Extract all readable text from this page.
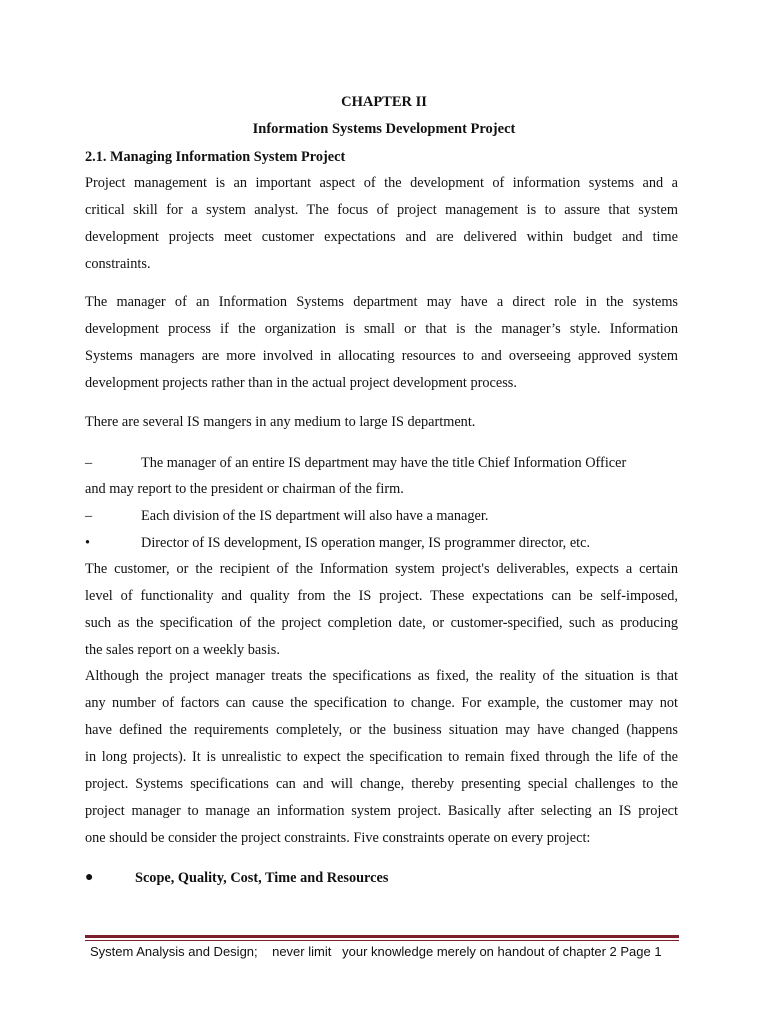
CHAPTER II
Information Systems Development Project
2.1. Managing Information System Project
Project management is an important aspect of the development of information systems and a
critical skill for a system analyst. The focus of project management is to assure that system
development projects meet customer expectations and are delivered within budget and time
constraints.
The manager of an Information Systems department may have a direct role in the systems
development process if the organization is small or that is the manager’s style. Information
Systems managers are more involved in allocating resources to and overseeing approved system
development projects rather than in the actual project development process.
There are several IS mangers in any medium to large IS department.
–	The manager of an entire IS department may have the title Chief Information Officer
and may report to the president or chairman of the firm.
–	Each division of the IS department will also have a manager.
•	Director of IS development, IS operation manger, IS programmer director, etc.
The customer, or the recipient of the Information system project's deliverables, expects a certain
level of functionality and quality from the IS project. These expectations can be self-imposed,
such as the specification of the project completion date, or customer-specified, such as producing
the sales report on a weekly basis.
Although the project manager treats the specifications as fixed, the reality of the situation is that
any number of factors can cause the specification to change. For example, the customer may not
have defined the requirements completely, or the business situation may have changed (happens
in long projects). It is unrealistic to expect the specification to remain fixed through the life of the
project. Systems specifications can and will change, thereby presenting special challenges to the
project manager to manage an information system project. Basically after selecting an IS project
one should be consider the project constraints. Five constraints operate on every project:
●	Scope, Quality, Cost, Time and Resources
System Analysis and Design;    never limit   your knowledge merely on handout of chapter 2 Page 1
